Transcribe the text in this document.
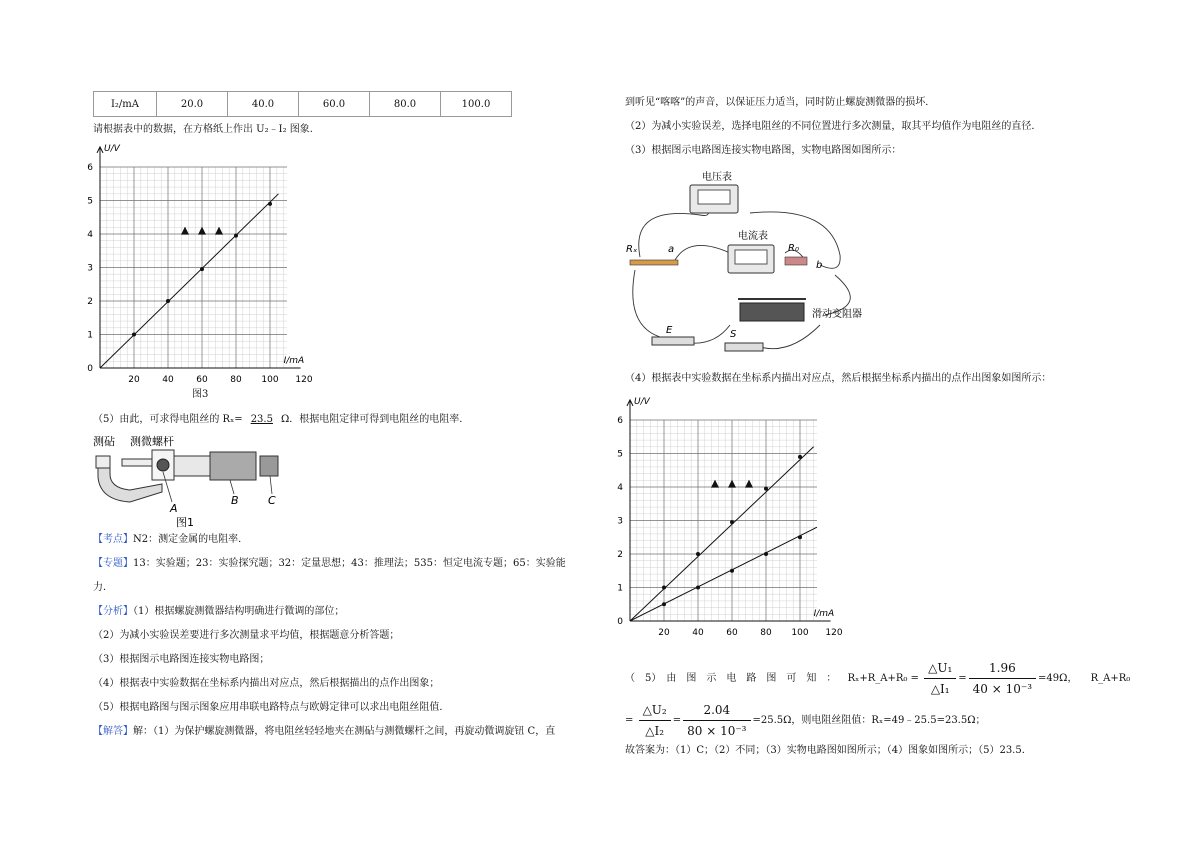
I₂/mA	20.0	40.0	60.0	80.0	100.0
请根据表中的数据，在方格纸上作出 U₂﹣I₂ 图象.
20	40	60	80 100 120
0
1
2
3
4
5
6
I/mA
U/V
图3
（5）由此，可求得电阻丝的 Rₓ= 23.5 Ω．根据电阻定律可得到电阻丝的电阻率．
测砧 测微螺杆
A
B	C
图1
【考点】N2：测定金属的电阻率．
【专题】13：实验题；23：实验探究题；32：定量思想；43：推理法；535：恒定电流专题；65：实验能
力．
【分析】（1）根据螺旋测微器结构明确进行微调的部位；
（2）为减小实验误差要进行多次测量求平均值，根据题意分析答题；
（3）根据图示电路图连接实物电路图；
（4）根据表中实验数据在坐标系内描出对应点，然后根据描出的点作出图象；
（5）根据电路图与图示图象应用串联电路特点与欧姆定律可以求出电阻丝阻值．
【解答】解：（1）为保护螺旋测微器，将电阻丝轻轻地夹在测砧与测微螺杆之间，再旋动微调旋钮 C，直
到听见“喀喀”的声音，以保证压力适当，同时防止螺旋测微器的损坏．
（2）为减小实验误差，选择电阻丝的不同位置进行多次测量，取其平均值作为电阻丝的直径．
（3）根据图示电路图连接实物电路图，实物电路图如图所示：
电压表
电流表
Rₓ	a	R₀
b
滑动变阻器
E	S
（4）根据表中实验数据在坐标系内描出对应点，然后根据坐标系内描出的点作出图象如图所示：
20	40	60	80 100 120
0
1
2
3
4
5
6
I/mA
U/V
（　5）　由　图　示　电　路　图　可　知　： Rₓ+R_A+R₀ = $\frac{\text{△U₁}}{\text{△I₁}} = \frac{1.96}{\text{40 × 10⁻³}} =49\Omega$， R_A+R₀
= $\frac{\text{△U₂}}{\text{△I₂}} = \frac{2.04}{\text{80 × 10⁻³}} =25.5\Omega$，则电阻丝阻值：Rₓ=49﹣25.5=23.5Ω；
故答案为：（1）C；（2）不同；（3）实物电路图如图所示；（4）图象如图所示；（5）23.5．
